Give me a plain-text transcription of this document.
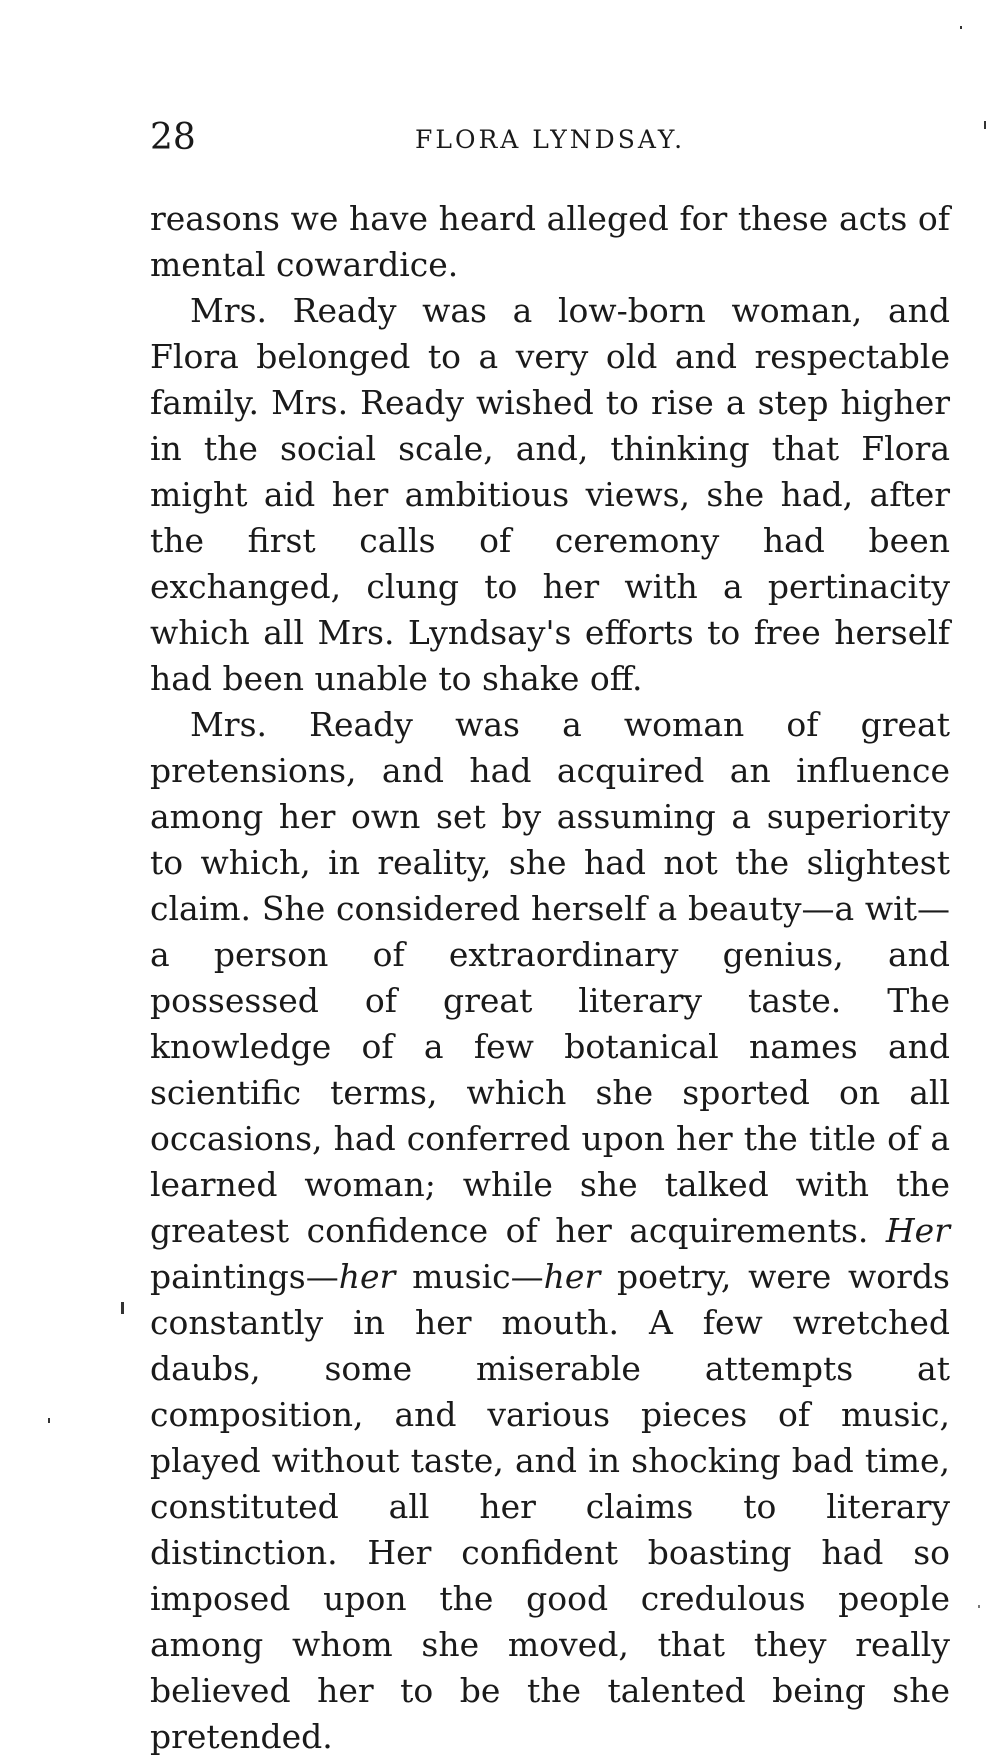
28	FLORA LYNDSAY.

reasons we have heard alleged for these acts of mental cowardice.

Mrs. Ready was a low-born woman, and Flora belonged to a very old and respectable family. Mrs. Ready wished to rise a step higher in the social scale, and, thinking that Flora might aid her ambitious views, she had, after the first calls of ceremony had been exchanged, clung to her with a pertinacity which all Mrs. Lyndsay's efforts to free herself had been unable to shake off.

Mrs. Ready was a woman of great pretensions, and had acquired an influence among her own set by assuming a superiority to which, in reality, she had not the slightest claim. She considered herself a beauty—a wit—a person of extraordinary genius, and possessed of great literary taste. The knowledge of a few botanical names and scientific terms, which she sported on all occasions, had conferred upon her the title of a learned woman; while she talked with the greatest confidence of her acquirements. Her paintings—her music—her poetry, were words constantly in her mouth. A few wretched daubs, some miserable attempts at composition, and various pieces of music, played without taste, and in shocking bad time, constituted all her claims to literary distinction. Her confident boasting had so imposed upon the good credulous people among whom she moved, that they really believed her to be the talented being she pretended.
